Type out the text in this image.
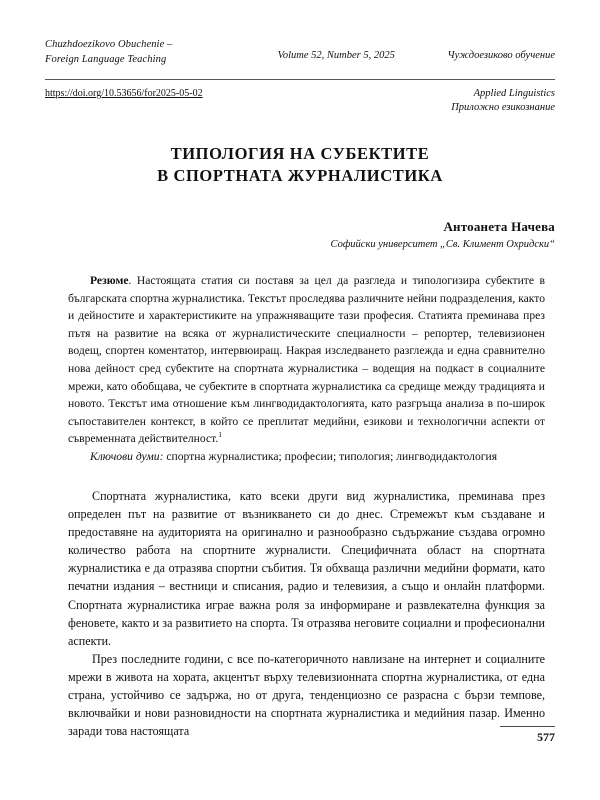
Chuzhdoezikovo Obuchenie –
Foreign Language Teaching	Volume 52, Number 5, 2025	Чуждоезиково обучение
https://doi.org/10.53656/for2025-05-02	Applied Linguistics
Приложно езикознание
ТИПОЛОГИЯ НА СУБЕКТИТЕ
В СПОРТНАТА ЖУРНАЛИСТИКА
Антоанета Начева
Софийски университет „Св. Климент Охридски“
Резюме. Настоящата статия си поставя за цел да разгледа и типологизира субектите в българската спортна журналистика. Текстът проследява различните нейни подразделения, както и дейностите и характеристиките на упражняващите тази професия. Статията преминава през пътя на развитие на всяка от журналистическите специалности – репортер, телевизионен водещ, спортен коментатор, интервюиращ. Накрая изследването разглежда и една сравнително нова дейност сред субектите на спортната журналистика – водещия на подкаст в социалните мрежи, като обобщава, че субектите в спортната журналистика са средище между традицията и новото. Текстът има отношение към лингводидактологията, като разгръща анализа в по-широк съпоставителен контекст, в който се преплитат медийни, езикови и технологични аспекти от съвременната действителност.$^1$
Ключови думи: спортна журналистика; професии; типология; лингводидактология

Спортната журналистика, като всеки други вид журналистика, преминава през определен път на развитие от възникването си до днес. Стремежът към създаване и предоставяне на аудиторията на оригинално и разнообразно съдържание създава огромно количество работа на спортните журналисти. Специфичната област на спортната журналистика е да отразява спортни събития. Тя обхваща различни медийни формати, като печатни издания – вестници и списания, радио и телевизия, а също и онлайн платформи. Спортната журналистика играе важна роля за информиране и развлекателна функция за феновете, както и за развитието на спорта. Тя отразява неговите социални и професионални аспекти.

През последните години, с все по-категоричното навлизане на интернет и социалните мрежи в живота на хората, акцентът върху телевизионната спортна журналистика, от една страна, устойчиво се задържа, но от друга, тенденциозно се разрасна с бързи темпове, включвайки и нови разновидности на спортната журналистика и медийния пазар. Именно заради това настоящата	577
